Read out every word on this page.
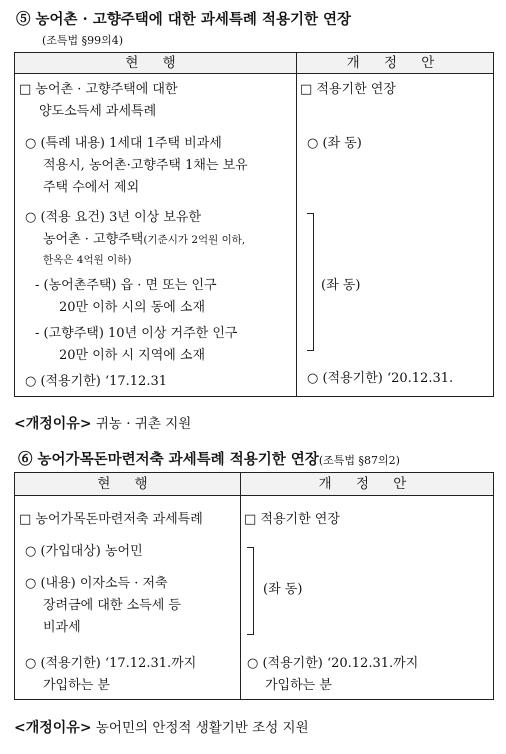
⑤ 농어촌 · 고향주택에 대한 과세특례 적용기한 연장
(조특법 §99의4)
현 행	개 정 안
□ 농어촌 · 고향주택에 대한
양도소득세 과세특례
○ (특례 내용) 1세대 1주택 비과세
적용시, 농어촌·고향주택 1채는 보유
주택 수에서 제외
○ (적용 요건) 3년 이상 보유한
농어촌 · 고향주택(기준시가 2억원 이하,
한옥은 4억원 이하)
- (농어촌주택) 읍 · 면 또는 인구
20만 이하 시의 동에 소재
- (고향주택) 10년 이상 거주한 인구
20만 이하 시 지역에 소재
○ (적용기한) ‘17.12.31
□ 적용기한 연장
○ (좌 동)
(좌 동)
○ (적용기한) ‘20.12.31.
<개정이유> 귀농 · 귀촌 지원
⑥ 농어가목돈마련저축 과세특례 적용기한 연장(조특법 §87의2)
현 행	개 정 안
□ 농어가목돈마련저축 과세특례
○ (가입대상) 농어민
○ (내용) 이자소득 · 저축
장려금에 대한 소득세 등
비과세
○ (적용기한) ‘17.12.31.까지
가입하는 분
□ 적용기한 연장
(좌 동)
○ (적용기한) ‘20.12.31.까지
가입하는 분
<개정이유> 농어민의 안정적 생활기반 조성 지원
